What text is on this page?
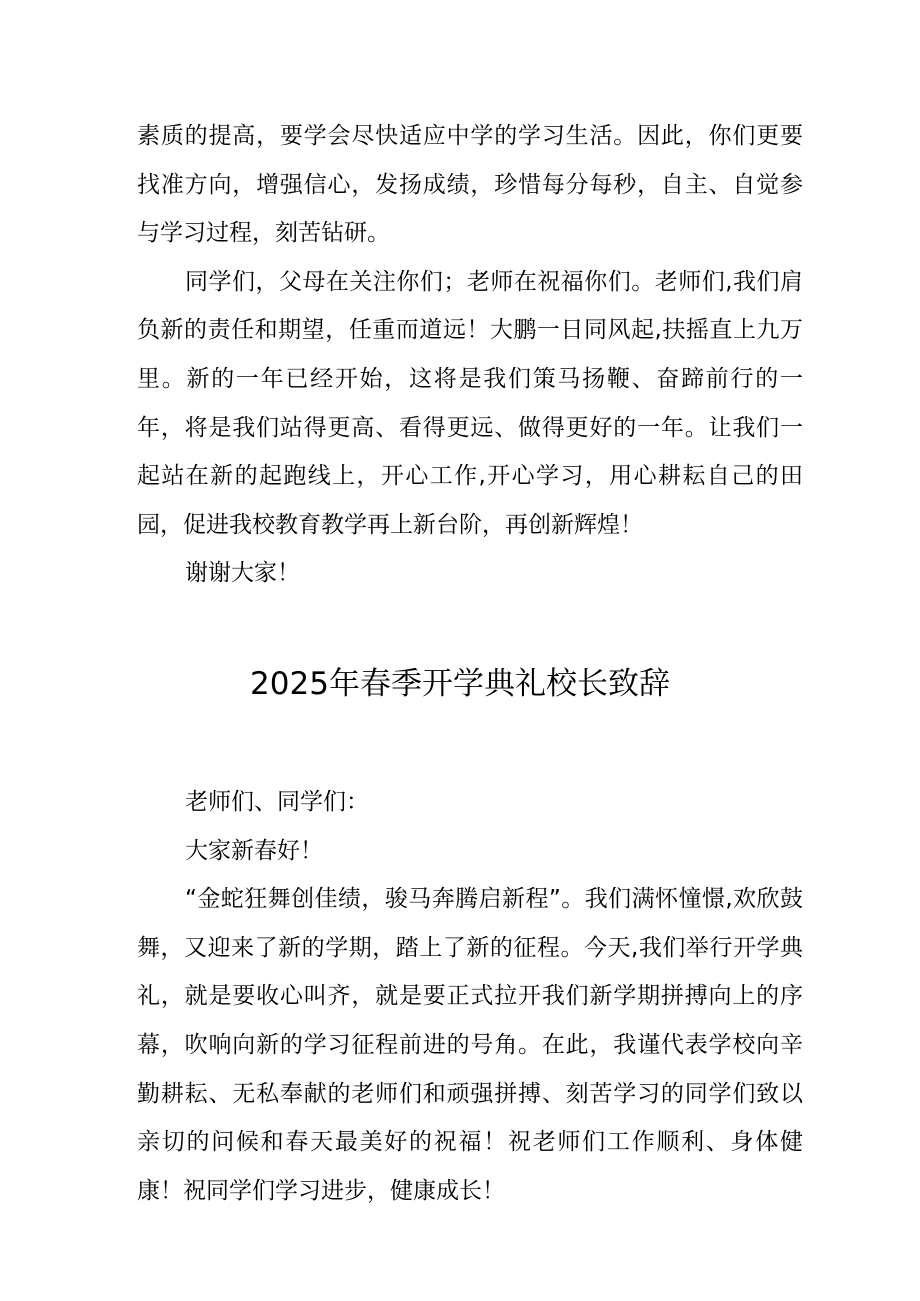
素质的提高，要学会尽快适应中学的学习生活。因此，你们更要找准方向，增强信心，发扬成绩，珍惜每分每秒，自主、自觉参与学习过程，刻苦钻研。

同学们，父母在关注你们；老师在祝福你们。老师们,我们肩负新的责任和期望，任重而道远！大鹏一日同风起,扶摇直上九万里。新的一年已经开始，这将是我们策马扬鞭、奋蹄前行的一年，将是我们站得更高、看得更远、做得更好的一年。让我们一起站在新的起跑线上，开心工作,开心学习，用心耕耘自己的田园，促进我校教育教学再上新台阶，再创新辉煌！

谢谢大家！

2025年春季开学典礼校长致辞

老师们、同学们：

大家新春好！

“金蛇狂舞创佳绩，骏马奔腾启新程”。我们满怀憧憬,欢欣鼓舞，又迎来了新的学期，踏上了新的征程。今天,我们举行开学典礼，就是要收心叫齐，就是要正式拉开我们新学期拼搏向上的序幕，吹响向新的学习征程前进的号角。在此，我谨代表学校向辛勤耕耘、无私奉献的老师们和顽强拼搏、刻苦学习的同学们致以亲切的问候和春天最美好的祝福！祝老师们工作顺利、身体健康！祝同学们学习进步，健康成长！
